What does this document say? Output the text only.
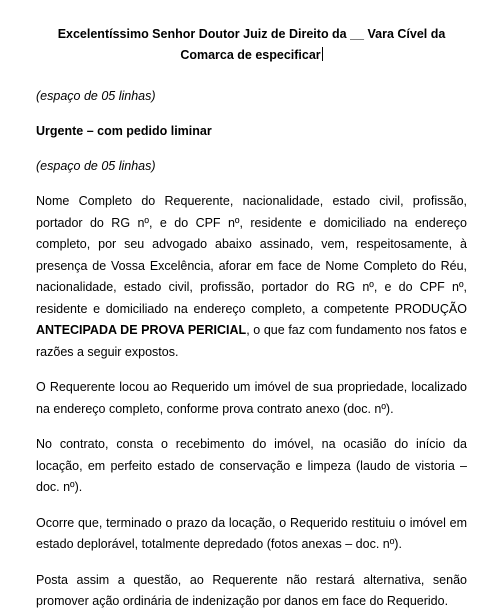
Excelentíssimo Senhor Doutor Juiz de Direito da __ Vara Cível da Comarca de especificar
(espaço de 05 linhas)
Urgente – com pedido liminar
(espaço de 05 linhas)
Nome Completo do Requerente, nacionalidade, estado civil, profissão, portador do RG nº, e do CPF nº, residente e domiciliado na endereço completo, por seu advogado abaixo assinado, vem, respeitosamente, à presença de Vossa Excelência, aforar em face de Nome Completo do Réu, nacionalidade, estado civil, profissão, portador do RG nº, e do CPF nº, residente e domiciliado na endereço completo, a competente PRODUÇÃO ANTECIPADA DE PROVA PERICIAL, o que faz com fundamento nos fatos e razões a seguir expostos.
O Requerente locou ao Requerido um imóvel de sua propriedade, localizado na endereço completo, conforme prova contrato anexo (doc. nº).
No contrato, consta o recebimento do imóvel, na ocasião do início da locação, em perfeito estado de conservação e limpeza (laudo de vistoria – doc. nº).
Ocorre que, terminado o prazo da locação, o Requerido restituiu o imóvel em estado deplorável, totalmente depredado (fotos anexas – doc. nº).
Posta assim a questão, ao Requerente não restará alternativa, senão promover ação ordinária de indenização por danos em face do Requerido.
